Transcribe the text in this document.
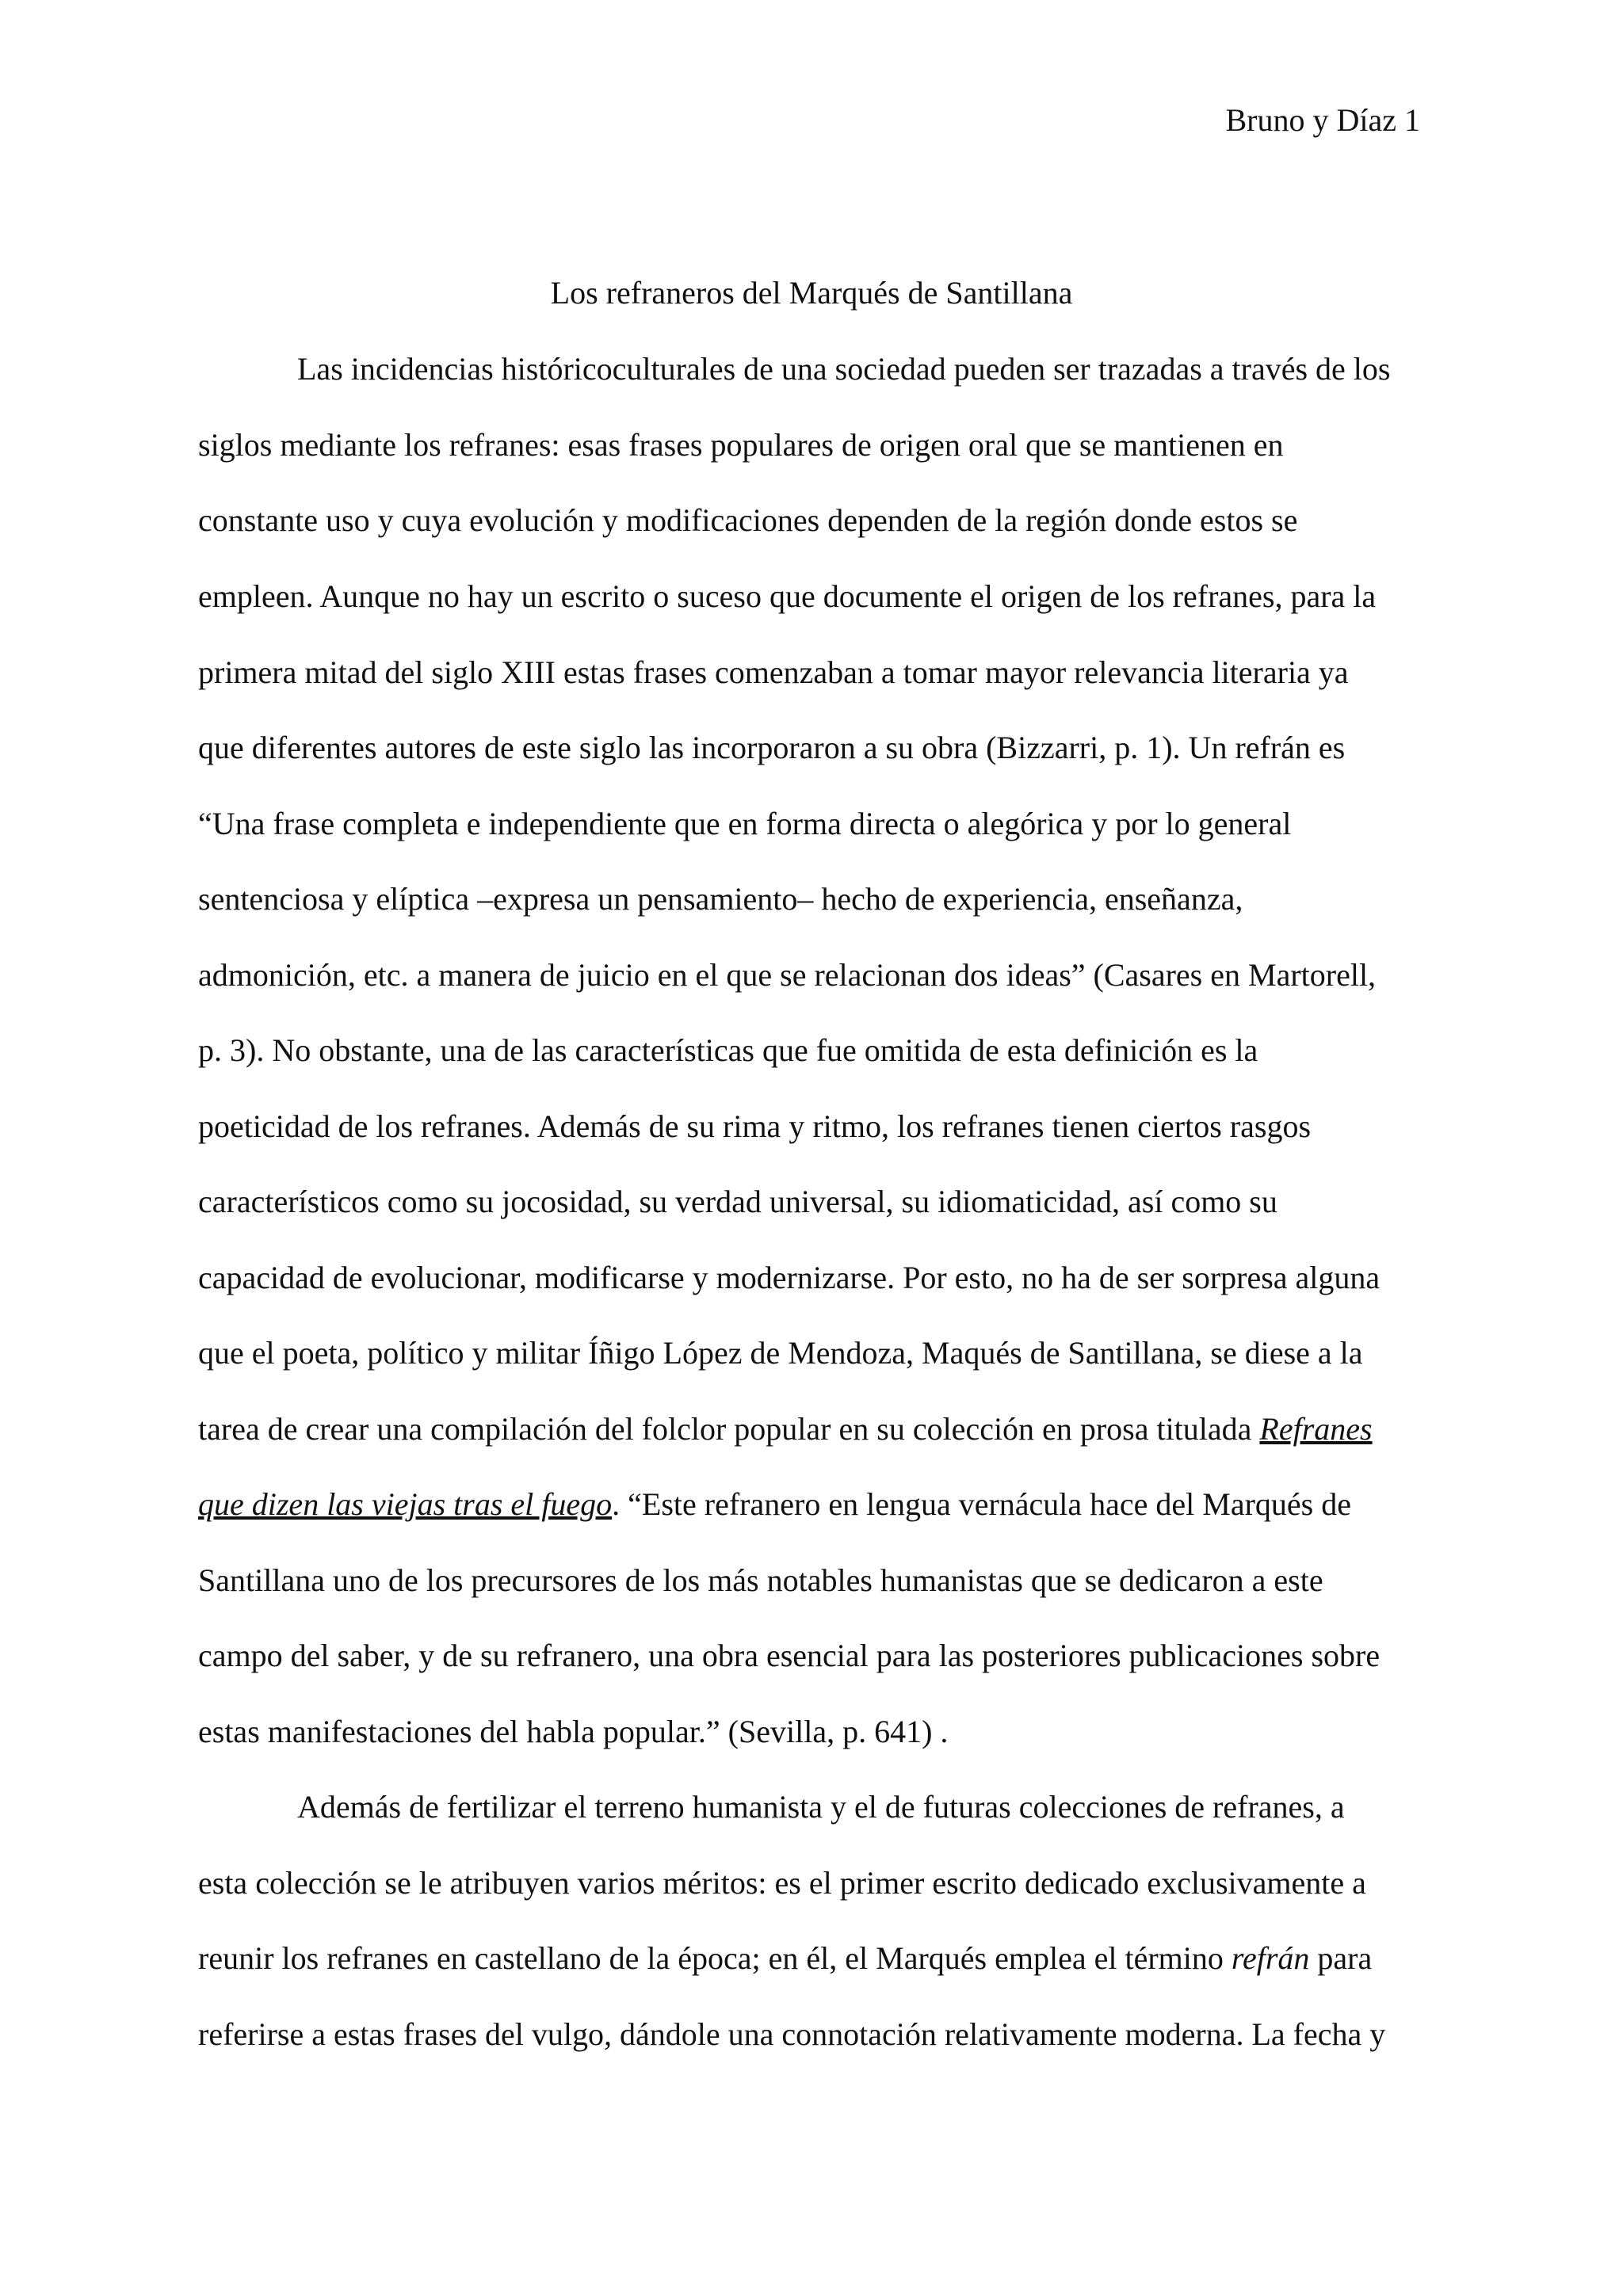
Bruno y Díaz 1
Los refraneros del Marqués de Santillana
Las incidencias históricoculturales de una sociedad pueden ser trazadas a través de los
siglos mediante los refranes: esas frases populares de origen oral que se mantienen en
constante uso y cuya evolución y modificaciones dependen de la región donde estos se
empleen. Aunque no hay un escrito o suceso que documente el origen de los refranes, para la
primera mitad del siglo XIII estas frases comenzaban a tomar mayor relevancia literaria ya
que diferentes autores de este siglo las incorporaron a su obra (Bizzarri, p. 1). Un refrán es
“Una frase completa e independiente que en forma directa o alegórica y por lo general
sentenciosa y elíptica –expresa un pensamiento– hecho de experiencia, enseñanza,
admonición, etc. a manera de juicio en el que se relacionan dos ideas” (Casares en Martorell,
p. 3). No obstante, una de las características que fue omitida de esta definición es la
poeticidad de los refranes. Además de su rima y ritmo, los refranes tienen ciertos rasgos
característicos como su jocosidad, su verdad universal, su idiomaticidad, así como su
capacidad de evolucionar, modificarse y modernizarse. Por esto, no ha de ser sorpresa alguna
que el poeta, político y militar Íñigo López de Mendoza, Maqués de Santillana, se diese a la
tarea de crear una compilación del folclor popular en su colección en prosa titulada Refranes
que dizen las viejas tras el fuego. “Este refranero en lengua vernácula hace del Marqués de
Santillana uno de los precursores de los más notables humanistas que se dedicaron a este
campo del saber, y de su refranero, una obra esencial para las posteriores publicaciones sobre
estas manifestaciones del habla popular.” (Sevilla, p. 641) .
Además de fertilizar el terreno humanista y el de futuras colecciones de refranes, a
esta colección se le atribuyen varios méritos: es el primer escrito dedicado exclusivamente a
reunir los refranes en castellano de la época; en él, el Marqués emplea el término refrán para
referirse a estas frases del vulgo, dándole una connotación relativamente moderna. La fecha y
